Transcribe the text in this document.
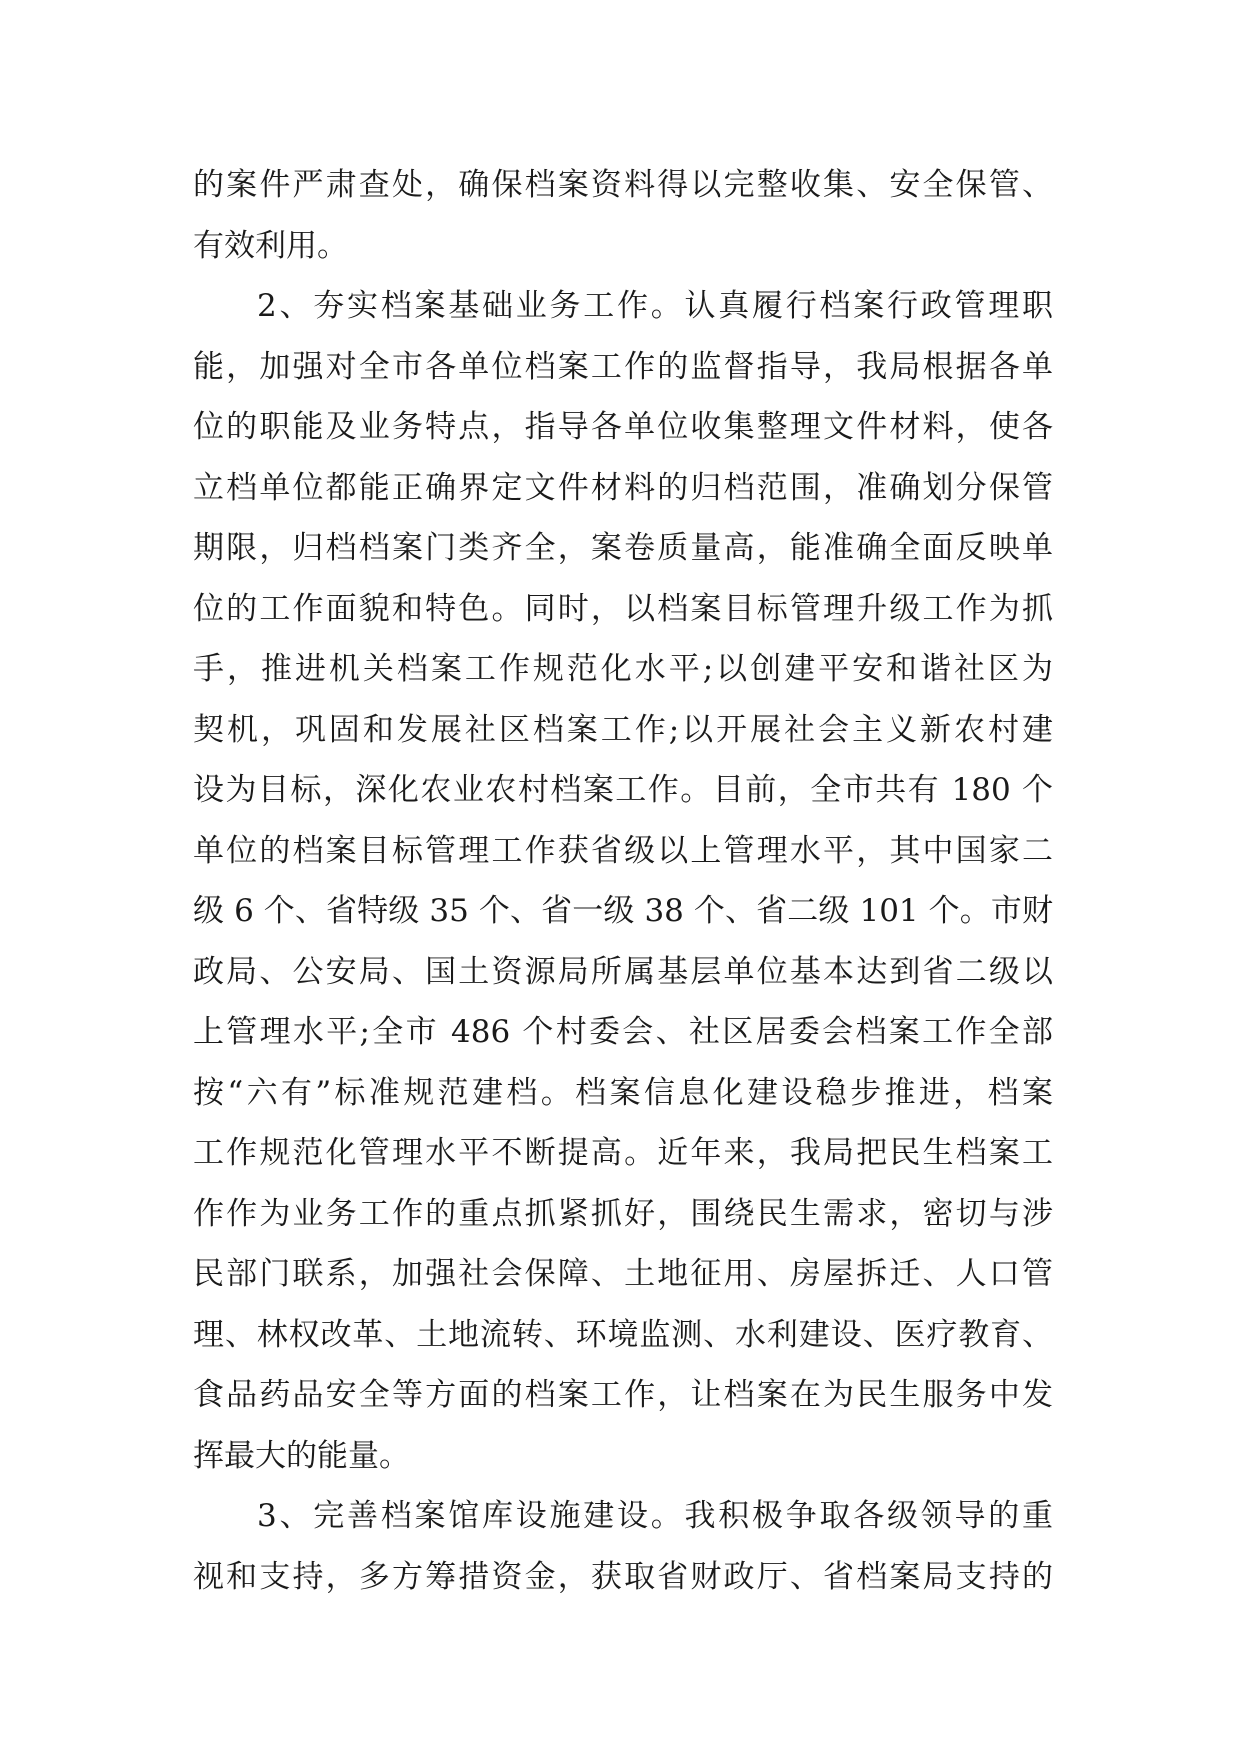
的案件严肃查处，确保档案资料得以完整收集、安全保管、
有效利用。
2、夯实档案基础业务工作。认真履行档案行政管理职
能，加强对全市各单位档案工作的监督指导，我局根据各单
位的职能及业务特点，指导各单位收集整理文件材料，使各
立档单位都能正确界定文件材料的归档范围，准确划分保管
期限，归档档案门类齐全，案卷质量高，能准确全面反映单
位的工作面貌和特色。同时，以档案目标管理升级工作为抓
手，推进机关档案工作规范化水平;以创建平安和谐社区为
契机，巩固和发展社区档案工作;以开展社会主义新农村建
设为目标，深化农业农村档案工作。目前，全市共有 180 个
单位的档案目标管理工作获省级以上管理水平，其中国家二
级 6 个、省特级 35 个、省一级 38 个、省二级 101 个。市财
政局、公安局、国土资源局所属基层单位基本达到省二级以
上管理水平;全市 486 个村委会、社区居委会档案工作全部
按“六有”标准规范建档。档案信息化建设稳步推进，档案
工作规范化管理水平不断提高。近年来，我局把民生档案工
作作为业务工作的重点抓紧抓好，围绕民生需求，密切与涉
民部门联系，加强社会保障、土地征用、房屋拆迁、人口管
理、林权改革、土地流转、环境监测、水利建设、医疗教育、
食品药品安全等方面的档案工作，让档案在为民生服务中发
挥最大的能量。
3、完善档案馆库设施建设。我积极争取各级领导的重
视和支持，多方筹措资金，获取省财政厅、省档案局支持的
